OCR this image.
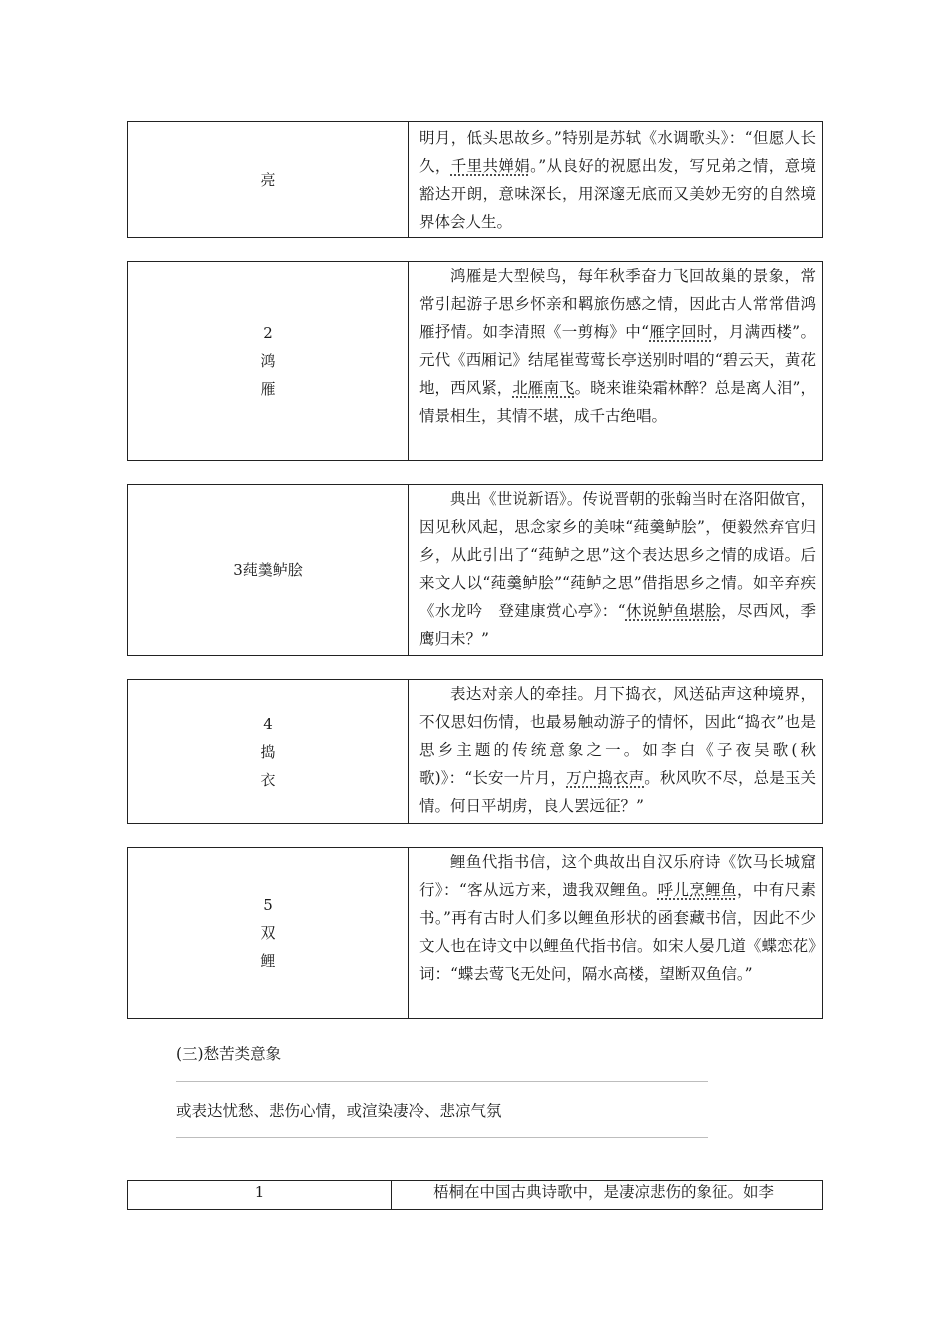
亮
明月，低头思故乡。”特别是苏轼《水调歌头》：“但愿人长久，千里共婵娟。”从良好的祝愿出发，写兄弟之情，意境豁达开朗，意味深长，用深邃无底而又美妙无穷的自然境界体会人生。
2
鸿
雁
鸿雁是大型候鸟，每年秋季奋力飞回故巢的景象，常常引起游子思乡怀亲和羁旅伤感之情，因此古人常常借鸿雁抒情。如李清照《一剪梅》中“雁字回时，月满西楼”。元代《西厢记》结尾崔莺莺长亭送别时唱的“碧云天，黄花地，西风紧，北雁南飞。晓来谁染霜林醉？总是离人泪”，情景相生，其情不堪，成千古绝唱。
3莼羹鲈脍
典出《世说新语》。传说晋朝的张翰当时在洛阳做官，因见秋风起，思念家乡的美味“莼羹鲈脍”，便毅然弃官归乡，从此引出了“莼鲈之思”这个表达思乡之情的成语。后来文人以“莼羹鲈脍”“莼鲈之思”借指思乡之情。如辛弃疾《水龙吟　登建康赏心亭》：“休说鲈鱼堪脍，尽西风，季鹰归未？”
4
捣
衣
表达对亲人的牵挂。月下捣衣，风送砧声这种境界，不仅思妇伤情，也最易触动游子的情怀，因此“捣衣”也是思乡主题的传统意象之一。如李白《子夜吴歌(秋歌)》：“长安一片月，万户捣衣声。秋风吹不尽，总是玉关情。何日平胡虏，良人罢远征？”
5
双
鲤
鲤鱼代指书信，这个典故出自汉乐府诗《饮马长城窟行》：“客从远方来，遗我双鲤鱼。呼儿烹鲤鱼，中有尺素书。”再有古时人们多以鲤鱼形状的函套藏书信，因此不少文人也在诗文中以鲤鱼代指书信。如宋人晏几道《蝶恋花》词：“蝶去莺飞无处问，隔水高楼，望断双鱼信。”
(三)愁苦类意象
或表达忧愁、悲伤心情，或渲染凄冷、悲凉气氛
1	梧桐在中国古典诗歌中，是凄凉悲伤的象征。如李
